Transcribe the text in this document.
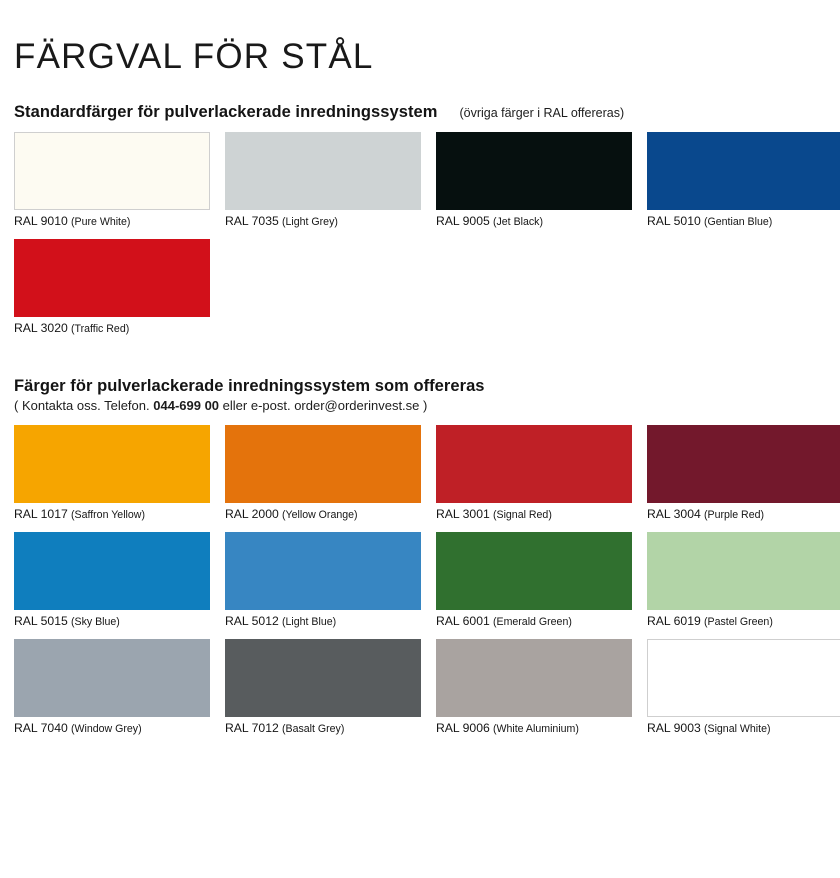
FÄRGVAL FÖR STÅL
Standardfärger för pulverlackerade inredningssystem (övriga färger i RAL offereras)
RAL 9010 (Pure White)	RAL 7035 (Light Grey)	RAL 9005 (Jet Black)	RAL 5010 (Gentian Blue)
RAL 3020 (Traffic Red)
Färger för pulverlackerade inredningssystem som offereras
( Kontakta oss. Telefon. 044-699 00 eller e-post. order@orderinvest.se )
RAL 1017 (Saffron Yellow)	RAL 2000 (Yellow Orange)	RAL 3001 (Signal Red)	RAL 3004 (Purple Red)
RAL 5015 (Sky Blue)	RAL 5012 (Light Blue)	RAL 6001 (Emerald Green)	RAL 6019 (Pastel Green)
RAL 7040 (Window Grey)	RAL 7012 (Basalt Grey)	RAL 9006 (White Aluminium)	RAL 9003 (Signal White)
